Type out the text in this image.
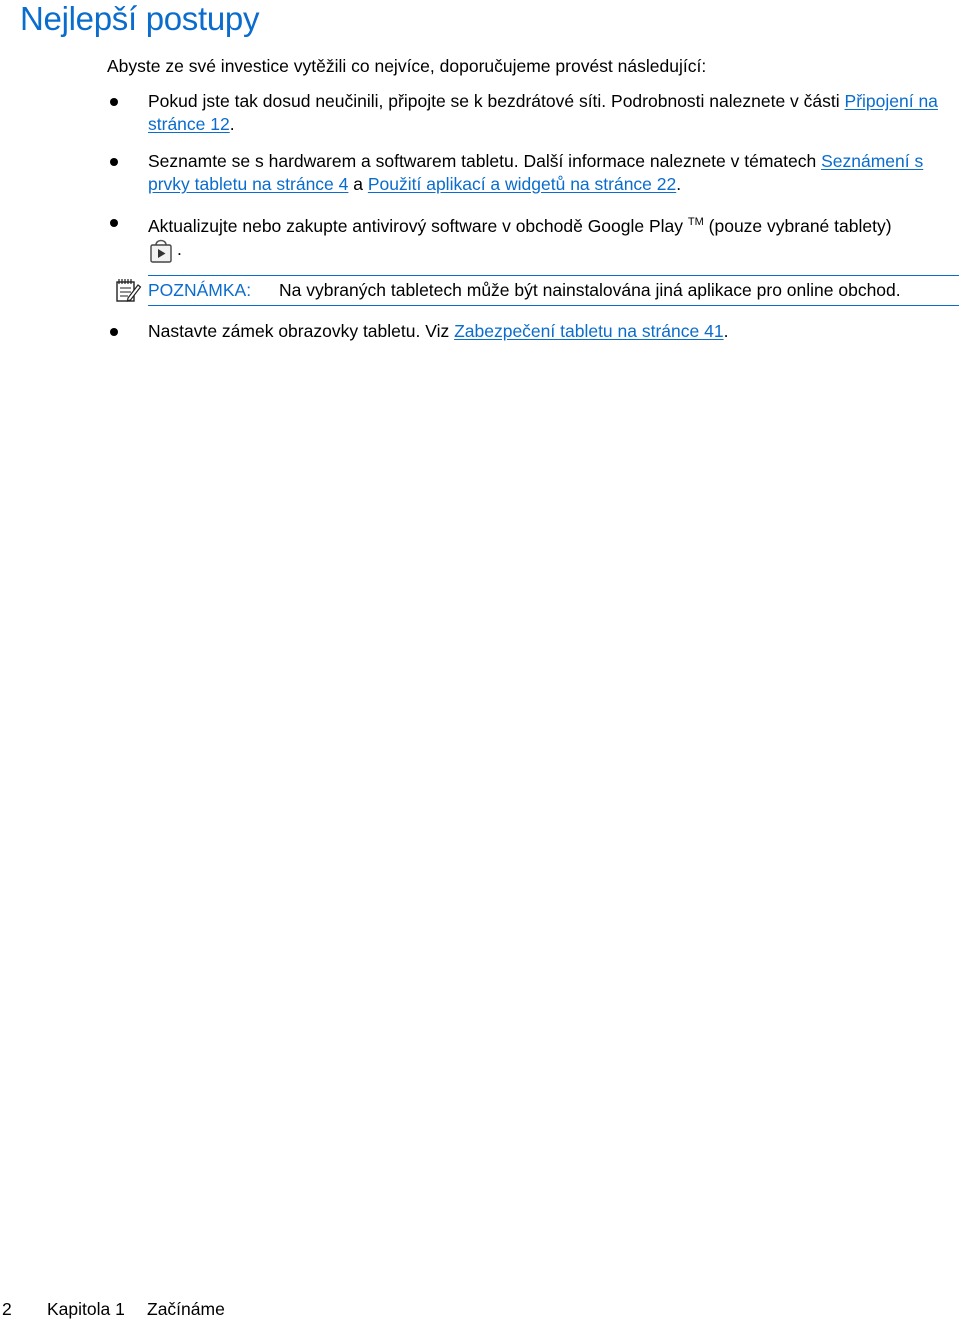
Nejlepší postupy

Abyste ze své investice vytěžili co nejvíce, doporučujeme provést následující:

Pokud jste tak dosud neučinili, připojte se k bezdrátové síti. Podrobnosti naleznete v části Připojení na stránce 12.
Seznamte se s hardwarem a softwarem tabletu. Další informace naleznete v tématech Seznámení s prvky tabletu na stránce 4 a Použití aplikací a widgetů na stránce 22.
Aktualizujte nebo zakupte antivirový software v obchodě Google Play ™ (pouze vybrané tablety)
.
POZNÁMKA: Na vybraných tabletech může být nainstalována jiná aplikace pro online obchod.
Nastavte zámek obrazovky tabletu. Viz Zabezpečení tabletu na stránce 41.
2 Kapitola 1 Začínáme
